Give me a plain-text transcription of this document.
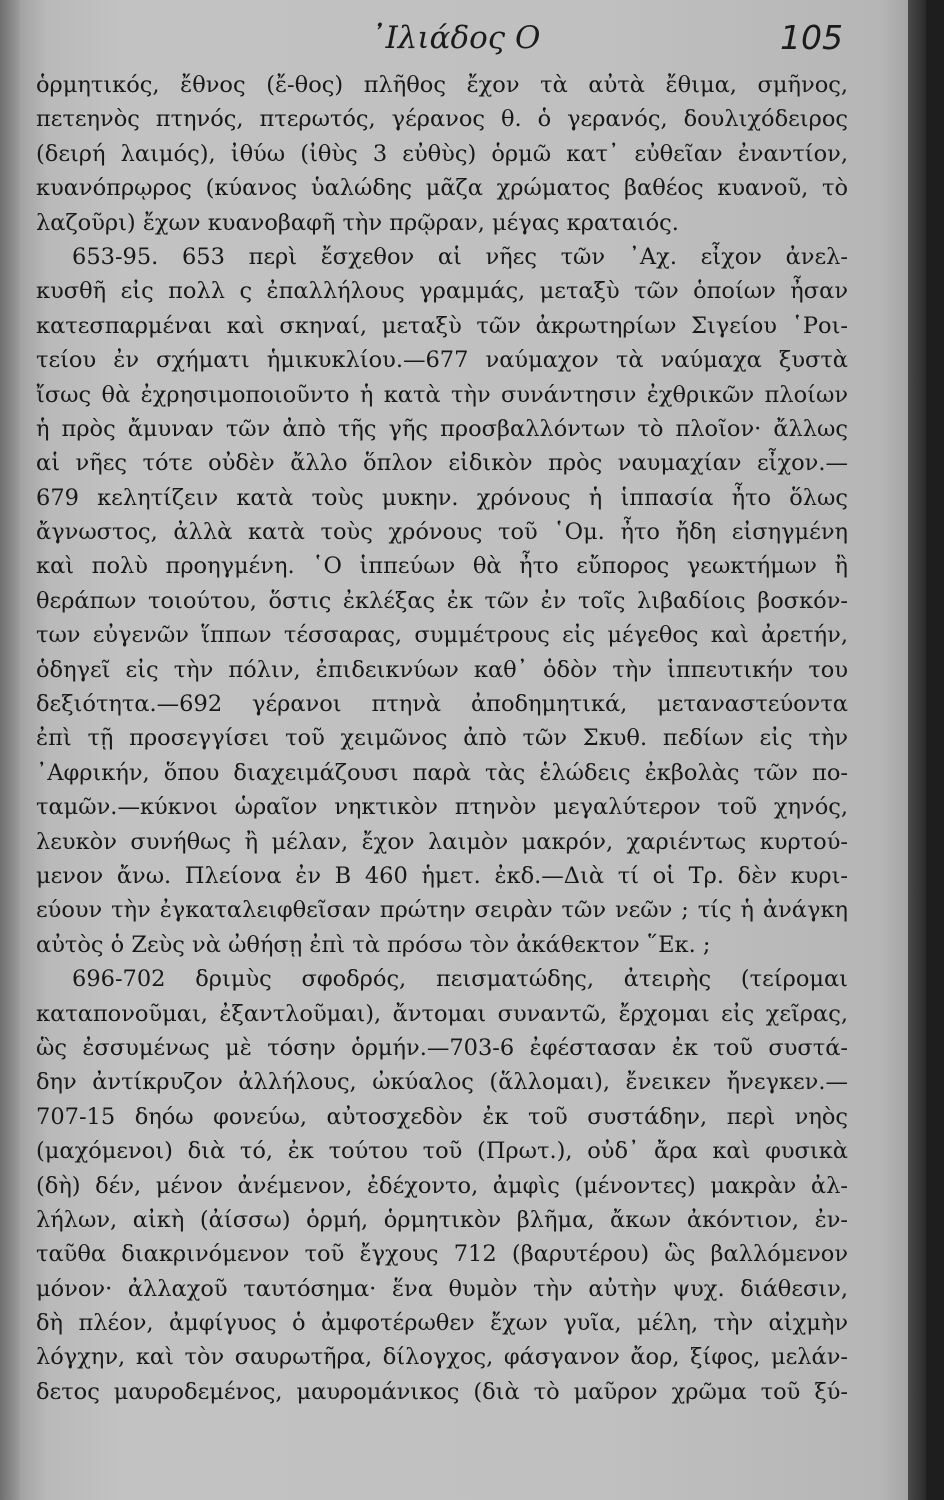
᾿Ιλιάδος Ο	105
ὁρμητικός, ἔθνος (ἔ-θος) πλῆθος ἔχον τὰ αὐτὰ ἔθιμα, σμῆνος,
πετεηνὸς πτηνός, πτερωτός, γέρανος θ. ὁ γερανός, δουλιχόδειρος
(δειρή λαιμός), ἰθύω (ἰθὺς 3 εὐθὺς) ὁρμῶ κατ᾿ εὐθεῖαν ἐναντίον,
κυανόπρῳρος (κύανος ὑαλώδης μᾶζα χρώματος βαθέος κυανοῦ, τὸ
λαζοῦρι) ἔχων κυανοβαφῆ τὴν πρῷραν, μέγας κραταιός.
653-95. 653 περὶ ἔσχεθον αἱ νῆες τῶν ᾿Αχ. εἶχον ἀνελ-
κυσθῆ εἰς πολλ ς ἐπαλλήλους γραμμάς, μεταξὺ τῶν ὁποίων ἦσαν
κατεσπαρμέναι καὶ σκηναί, μεταξὺ τῶν ἀκρωτηρίων Σιγείου ῾Ροι-
τείου ἐν σχήματι ἡμικυκλίου.—677 ναύμαχον τὰ ναύμαχα ξυστὰ
ἴσως θὰ ἐχρησιμοποιοῦντο ἡ κατὰ τὴν συνάντησιν ἐχθρικῶν πλοίων
ἡ πρὸς ἄμυναν τῶν ἀπὸ τῆς γῆς προσβαλλόντων τὸ πλοῖον· ἄλλως
αἱ νῆες τότε οὐδὲν ἄλλο ὅπλον εἰδικὸν πρὸς ναυμαχίαν εἶχον.—
679 κελητίζειν κατὰ τοὺς μυκην. χρόνους ἡ ἱππασία ἦτο ὅλως
ἄγνωστος, ἀλλὰ κατὰ τοὺς χρόνους τοῦ ῾Ομ. ἦτο ἤδη εἰσηγμένη
καὶ πολὺ προηγμένη. ῾Ο ἱππεύων θὰ ἦτο εὔπορος γεωκτήμων ἢ
θεράπων τοιούτου, ὅστις ἐκλέξας ἐκ τῶν ἐν τοῖς λιβαδίοις βοσκόν-
των εὐγενῶν ἵππων τέσσαρας, συμμέτρους εἰς μέγεθος καὶ ἀρετήν,
ὁδηγεῖ εἰς τὴν πόλιν, ἐπιδεικνύων καθ᾿ ὁδὸν τὴν ἱππευτικήν του
δεξιότητα.—692 γέρανοι πτηνὰ ἀποδημητικά, μεταναστεύοντα
ἐπὶ τῇ προσεγγίσει τοῦ χειμῶνος ἀπὸ τῶν Σκυθ. πεδίων εἰς τὴν
᾿Αφρικήν, ὅπου διαχειμάζουσι παρὰ τὰς ἑλώδεις ἐκβολὰς τῶν πο-
ταμῶν.—κύκνοι ὡραῖον νηκτικὸν πτηνὸν μεγαλύτερον τοῦ χηνός,
λευκὸν συνήθως ἢ μέλαν, ἔχον λαιμὸν μακρόν, χαριέντως κυρτού-
μενον ἄνω. Πλείονα ἐν Β 460 ἡμετ. ἐκδ.—Διὰ τί οἱ Τρ. δὲν κυρι-
εύουν τὴν ἐγκαταλειφθεῖσαν πρώτην σειρὰν τῶν νεῶν ; τίς ἡ ἀνάγκη
αὐτὸς ὁ Ζεὺς νὰ ὠθήσῃ ἐπὶ τὰ πρόσω τὸν ἀκάθεκτον ῞Εκ. ;
696-702 δριμὺς σφοδρός, πεισματώδης, ἀτειρὴς (τείρομαι
καταπονοῦμαι, ἐξαντλοῦμαι), ἄντομαι συναντῶ, ἔρχομαι εἰς χεῖρας,
ὣς ἐσσυμένως μὲ τόσην ὁρμήν.—703-6 ἐφέστασαν ἐκ τοῦ συστά-
δην ἀντίκρυζον ἀλλήλους, ὠκύαλος (ἅλλομαι), ἔνεικεν ἤνεγκεν.—
707-15 δηόω φονεύω, αὐτοσχεδὸν ἐκ τοῦ συστάδην, περὶ νηὸς
(μαχόμενοι) διὰ τό, ἐκ τούτου τοῦ (Πρωτ.), οὐδ᾿ ἄρα καὶ φυσικὰ
(δὴ) δέν, μένον ἀνέμενον, ἐδέχοντο, ἀμφὶς (μένοντες) μακρὰν ἀλ-
λήλων, αἰκὴ (ἀίσσω) ὁρμή, ὁρμητικὸν βλῆμα, ἄκων ἀκόντιον, ἐν-
ταῦθα διακρινόμενον τοῦ ἔγχους 712 (βαρυτέρου) ὣς βαλλόμενον
μόνον· ἀλλαχοῦ ταυτόσημα· ἕνα θυμὸν τὴν αὐτὴν ψυχ. διάθεσιν,
δὴ πλέον, ἀμφίγυος ὁ ἀμφοτέρωθεν ἔχων γυῖα, μέλη, τὴν αἰχμὴν
λόγχην, καὶ τὸν σαυρωτῆρα, δίλογχος, φάσγανον ἄορ, ξίφος, μελάν-
δετος μαυροδεμένος, μαυρομάνικος (διὰ τὸ μαῦρον χρῶμα τοῦ ξύ-
